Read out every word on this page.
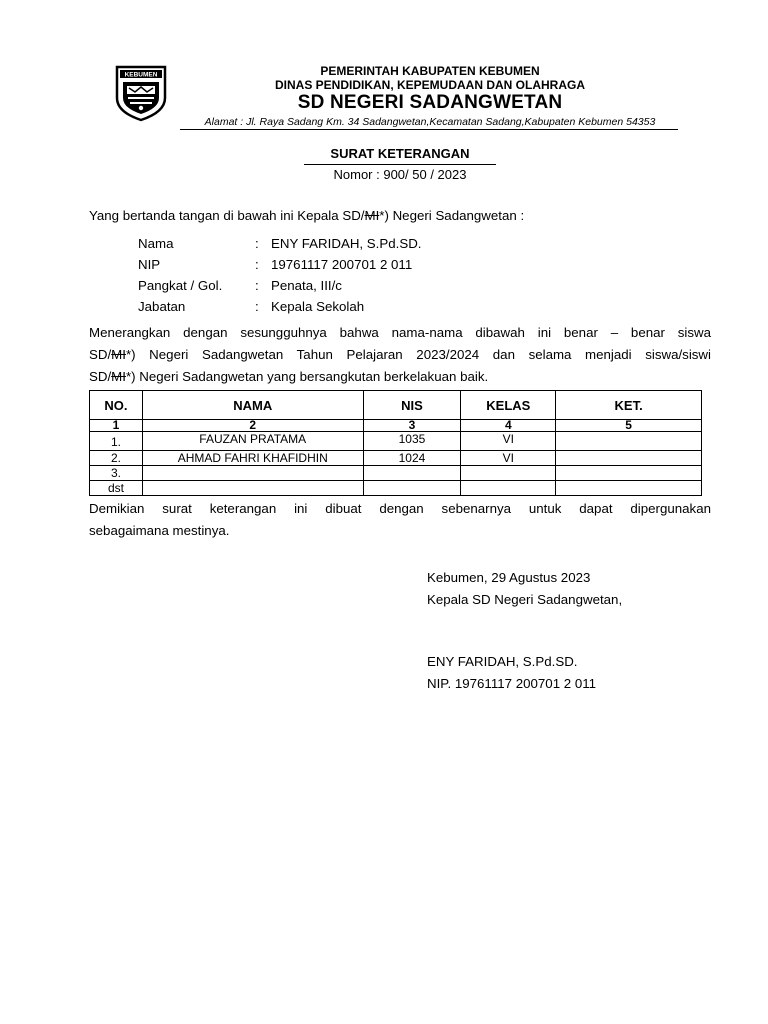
KEBUMEN	PEMERINTAH KABUPATEN KEBUMEN
DINAS PENDIDIKAN, KEPEMUDAAN DAN OLAHRAGA
SD NEGERI SADANGWETAN
Alamat : Jl. Raya Sadang Km. 34 Sadangwetan,Kecamatan Sadang,Kabupaten Kebumen 54353
SURAT KETERANGAN
Nomor : 900/ 50 / 2023
Yang bertanda tangan di bawah ini Kepala SD/MI*) Negeri Sadangwetan :
Nama	: ENY FARIDAH, S.Pd.SD.
NIP	: 19761117 200701 2 011
Pangkat / Gol.	: Penata, III/c
Jabatan	: Kepala Sekolah
Menerangkan dengan sesungguhnya bahwa nama-nama dibawah ini benar – benar siswa
SD/MI*) Negeri Sadangwetan Tahun Pelajaran 2023/2024 dan selama menjadi siswa/siswi
SD/MI*) Negeri Sadangwetan yang bersangkutan berkelakuan baik.
NO.	NAMA	NIS	KELAS	KET.
1	2	3	4	5

1.	FAUZAN PRATAMA	1035	VI	

2.	AHMAD FAHRI KHAFIDHIN	1024	VI	
3.				
dst				
Demikian surat keterangan ini dibuat dengan sebenarnya untuk dapat dipergunakan
sebagaimana mestinya.
Kebumen, 29 Agustus 2023
Kepala SD Negeri Sadangwetan,
ENY FARIDAH, S.Pd.SD.
NIP. 19761117 200701 2 011
